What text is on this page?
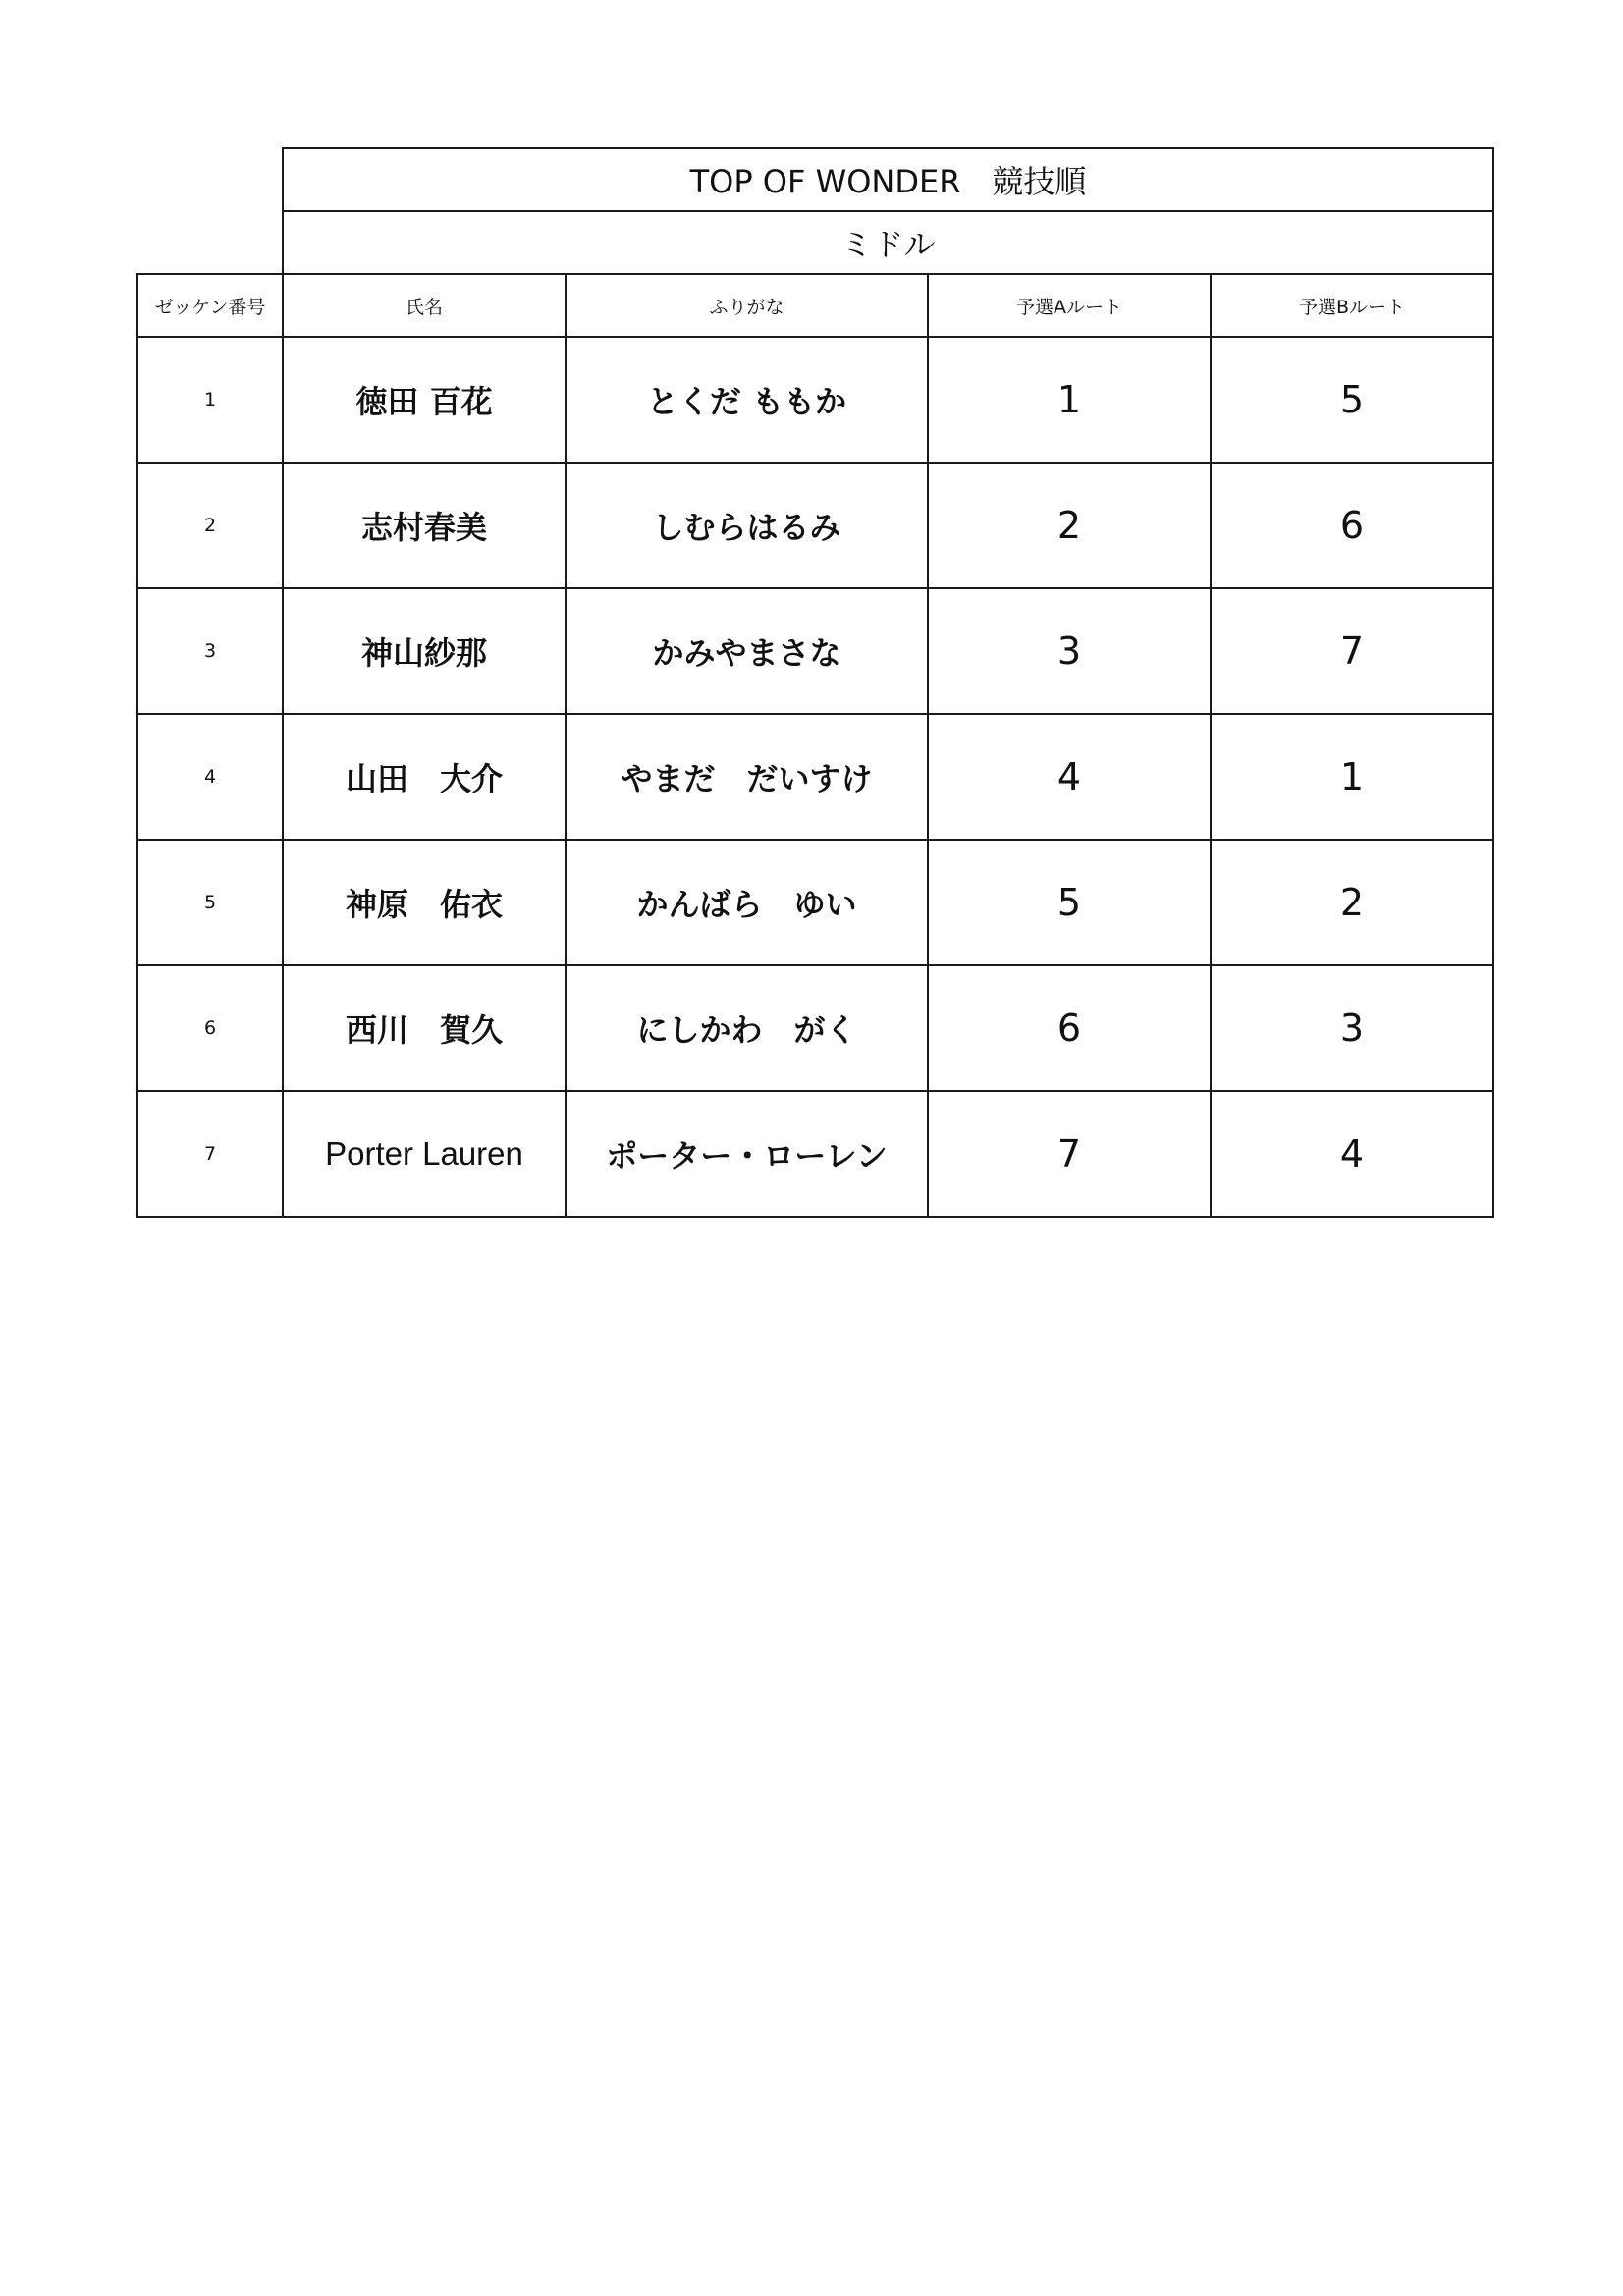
	TOP OF WONDER　競技順			
	ミドル			
ゼッケン番号	氏名	ふりがな	予選Aルート	予選Bルート
1	徳田 百花	とくだ ももか	1	5
2	志村春美	しむらはるみ	2	6
3	神山紗那	かみやまさな	3	7
4	山田　大介	やまだ　だいすけ	4	1
5	神原　佑衣	かんばら　ゆい	5	2
6	西川　賀久	にしかわ　がく	6	3
7	Porter Lauren	ポーター・ローレン	7	4
